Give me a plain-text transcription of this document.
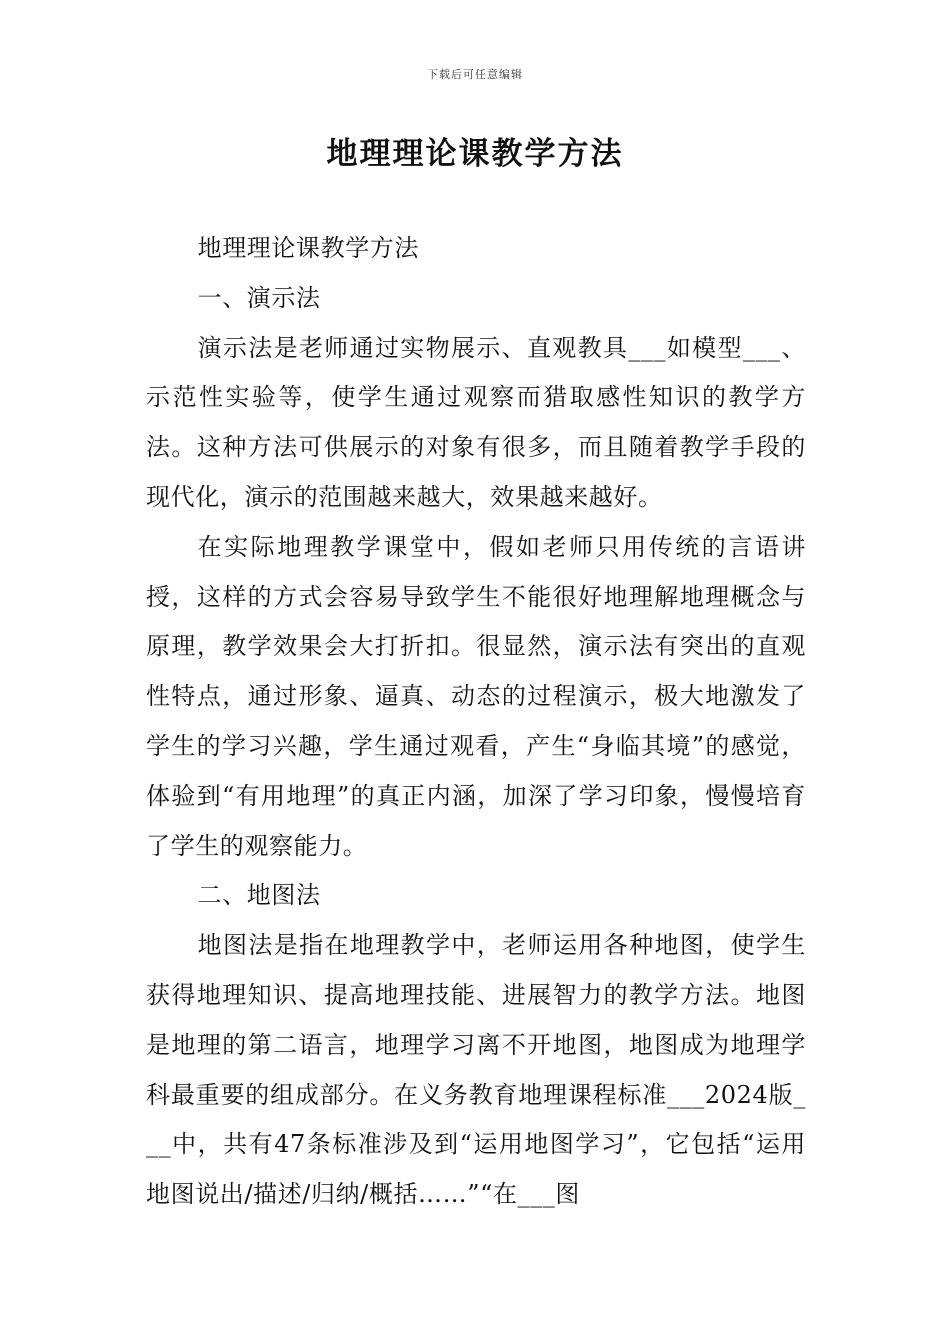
下载后可任意编辑
地理理论课教学方法

地理理论课教学方法

一、演示法

演示法是老师通过实物展示、直观教具___如模型___、示范性实验等，使学生通过观察而猎取感性知识的教学方法。这种方法可供展示的对象有很多，而且随着教学手段的现代化，演示的范围越来越大，效果越来越好。

在实际地理教学课堂中，假如老师只用传统的言语讲授，这样的方式会容易导致学生不能很好地理解地理概念与原理，教学效果会大打折扣。很显然，演示法有突出的直观性特点，通过形象、逼真、动态的过程演示，极大地激发了学生的学习兴趣，学生通过观看，产生“身临其境”的感觉，体验到“有用地理”的真正内涵，加深了学习印象，慢慢培育了学生的观察能力。

二、地图法

地图法是指在地理教学中，老师运用各种地图，使学生获得地理知识、提高地理技能、进展智力的教学方法。地图是地理的第二语言，地理学习离不开地图，地图成为地理学科最重要的组成部分。在义务教育地理课程标准___2024版___中，共有47条标准涉及到“运用地图学习”，它包括“运用地图说出/描述/归纳/概括……”“在___图
